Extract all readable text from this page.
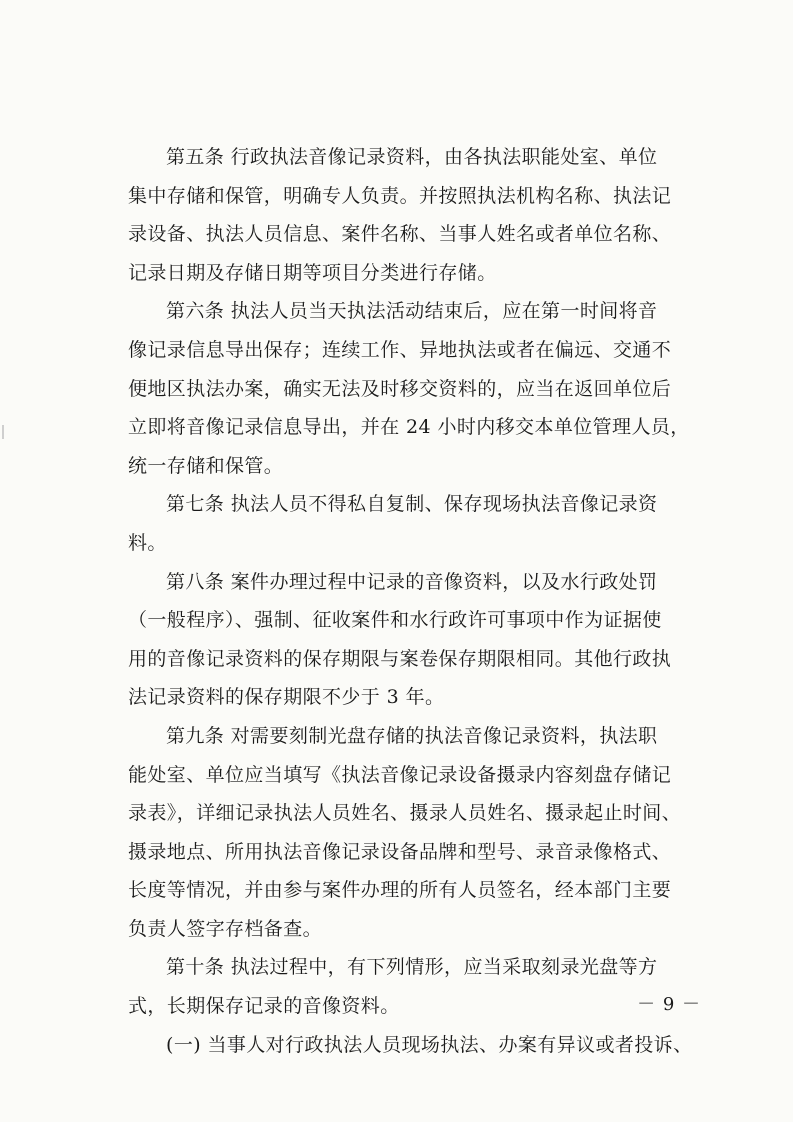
第五条 行政执法音像记录资料，由各执法职能处室、单位
集中存储和保管，明确专人负责。并按照执法机构名称、执法记
录设备、执法人员信息、案件名称、当事人姓名或者单位名称、
记录日期及存储日期等项目分类进行存储。

第六条 执法人员当天执法活动结束后，应在第一时间将音
像记录信息导出保存；连续工作、异地执法或者在偏远、交通不
便地区执法办案，确实无法及时移交资料的，应当在返回单位后
立即将音像记录信息导出，并在 24 小时内移交本单位管理人员，
统一存储和保管。

第七条 执法人员不得私自复制、保存现场执法音像记录资
料。

第八条 案件办理过程中记录的音像资料，以及水行政处罚
（一般程序）、强制、征收案件和水行政许可事项中作为证据使
用的音像记录资料的保存期限与案卷保存期限相同。其他行政执
法记录资料的保存期限不少于 3 年。

第九条 对需要刻制光盘存储的执法音像记录资料，执法职
能处室、单位应当填写《执法音像记录设备摄录内容刻盘存储记
录表》，详细记录执法人员姓名、摄录人员姓名、摄录起止时间、
摄录地点、所用执法音像记录设备品牌和型号、录音录像格式、
长度等情况，并由参与案件办理的所有人员签名，经本部门主要
负责人签字存档备查。

第十条 执法过程中，有下列情形，应当采取刻录光盘等方
式，长期保存记录的音像资料。

(一) 当事人对行政执法人员现场执法、办案有异议或者投诉、

－ 9 －
